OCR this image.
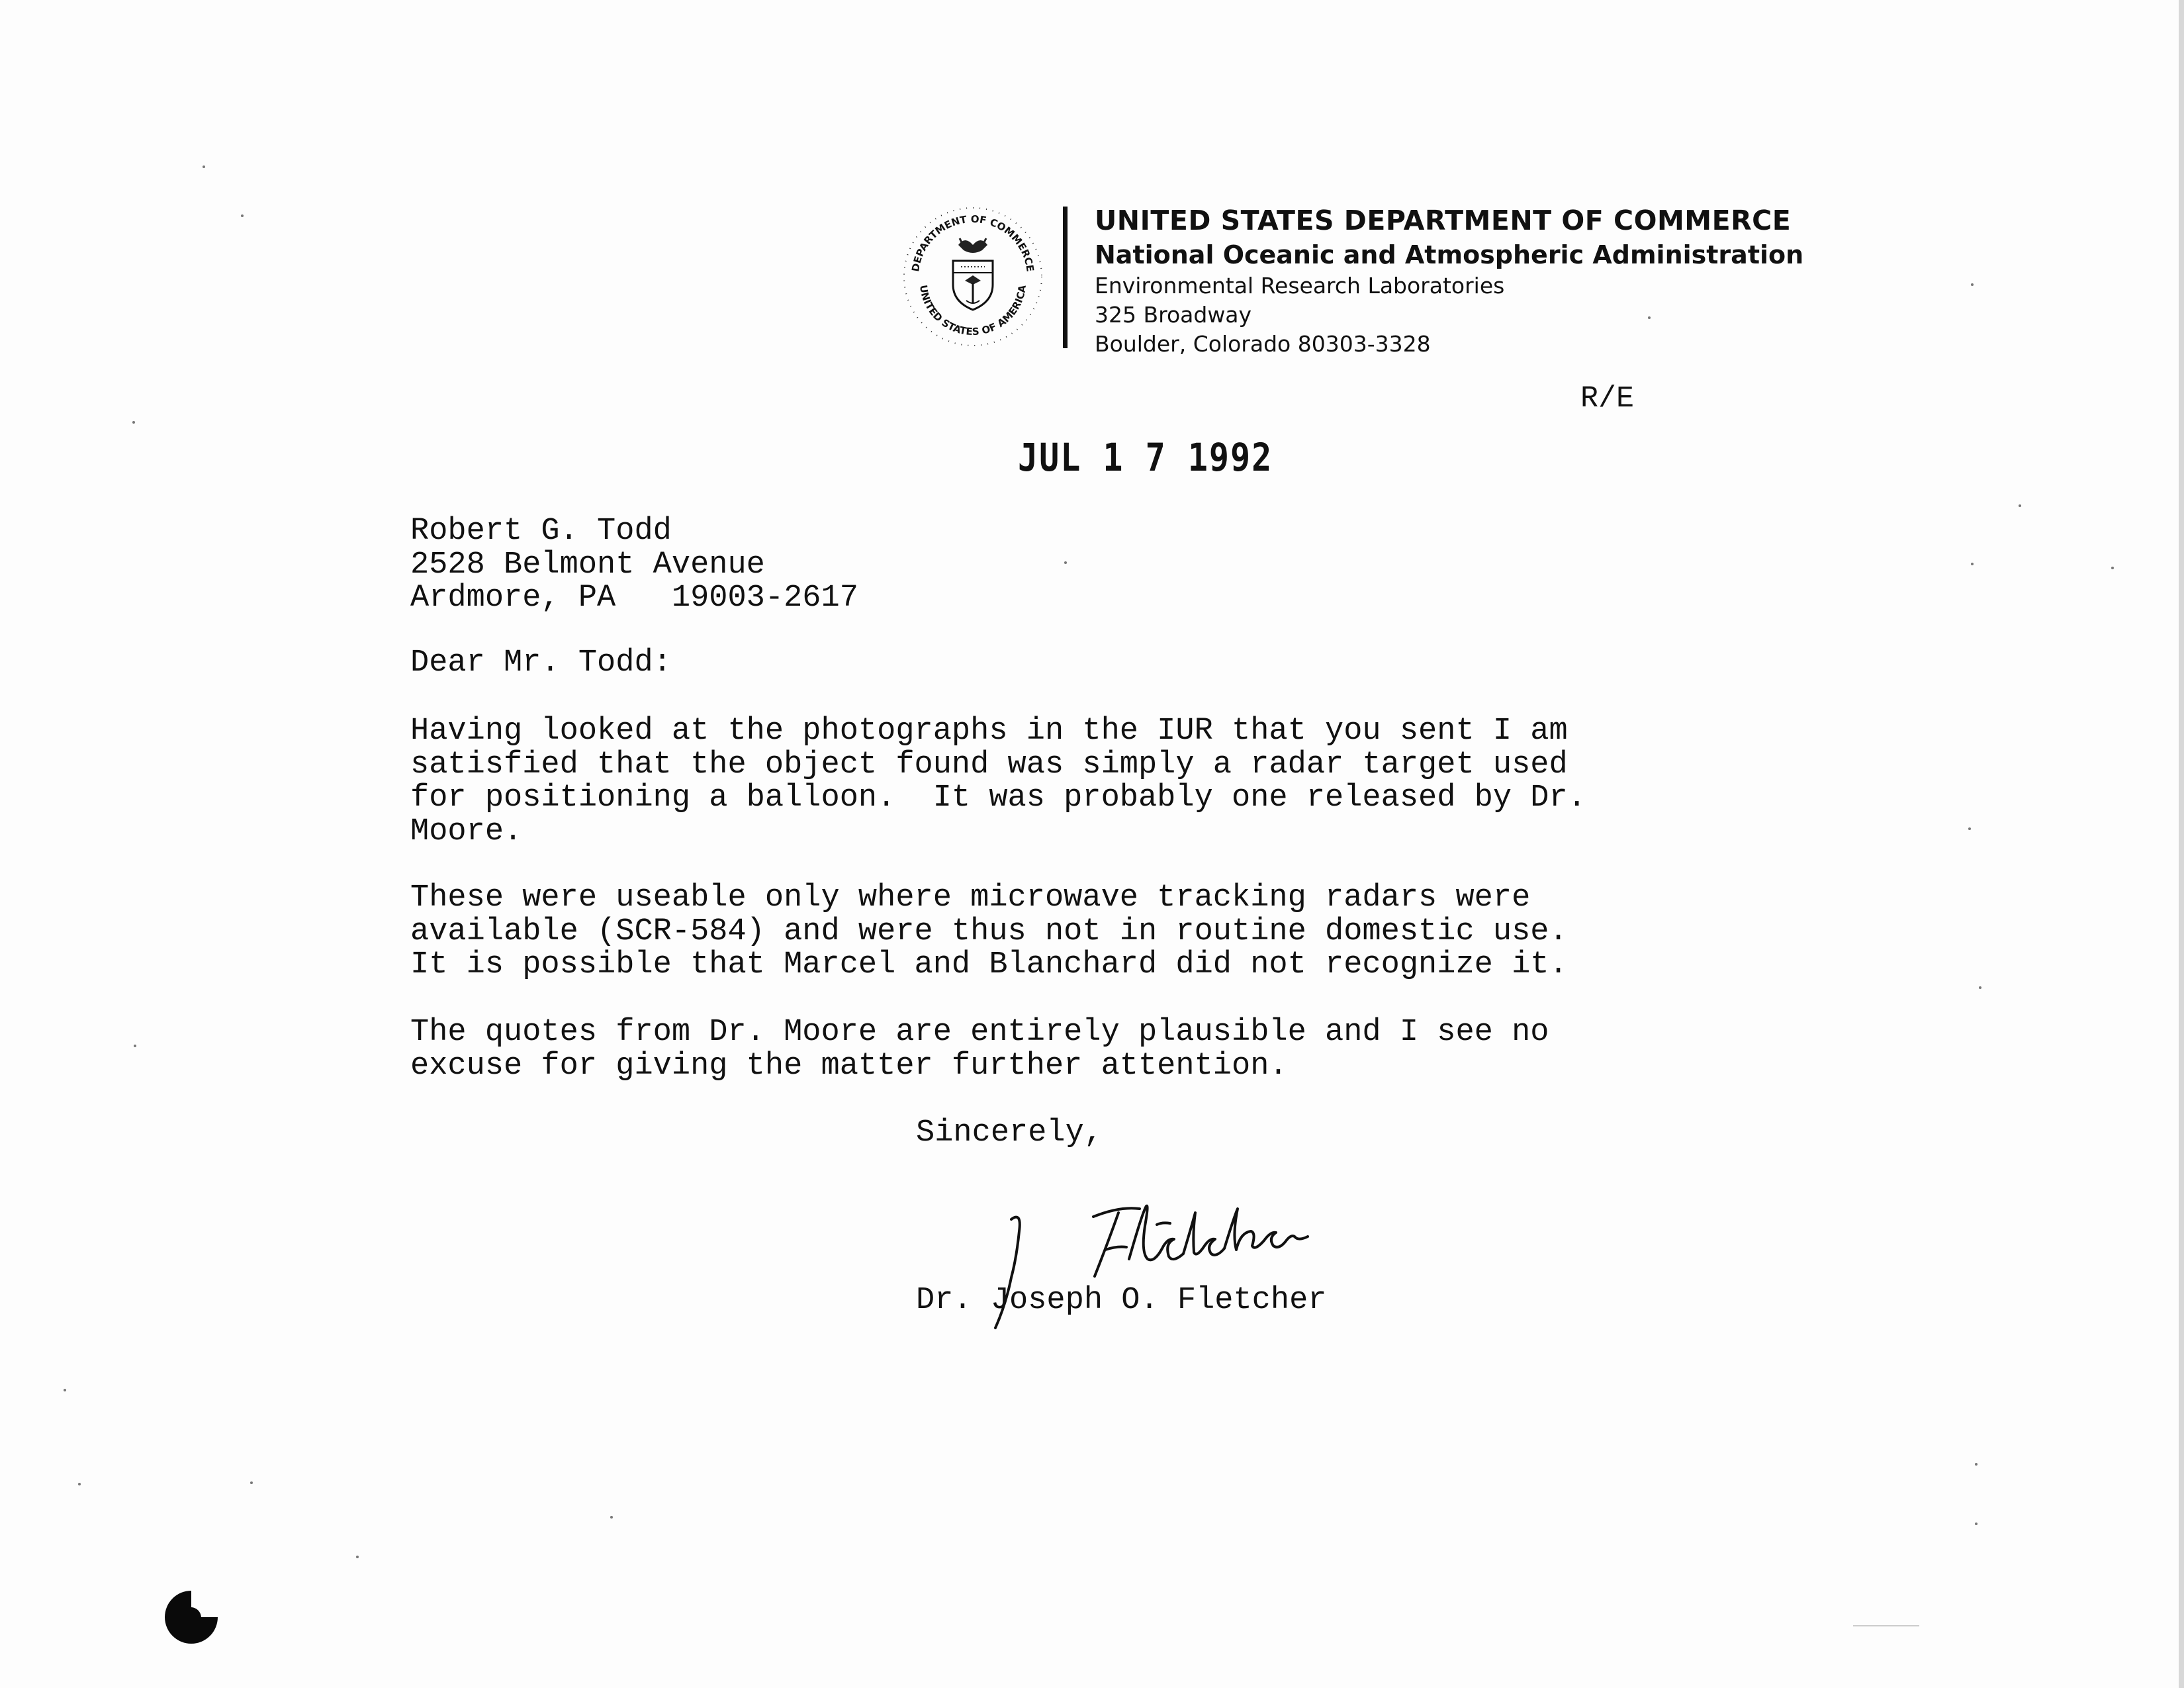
DEPARTMENT OF COMMERCE
UNITED STATES OF AMERICA
UNITED STATES DEPARTMENT OF COMMERCE
National Oceanic and Atmospheric Administration
Environmental Research Laboratories
325 Broadway
Boulder, Colorado 80303-3328
R/E
JUL 1 7 1992
Robert G. Todd
2528 Belmont Avenue
Ardmore, PA   19003-2617
Dear Mr. Todd:
Having looked at the photographs in the IUR that you sent I am
satisfied that the object found was simply a radar target used
for positioning a balloon.  It was probably one released by Dr.
Moore.
These were useable only where microwave tracking radars were
available (SCR-584) and were thus not in routine domestic use.
It is possible that Marcel and Blanchard did not recognize it.
The quotes from Dr. Moore are entirely plausible and I see no
excuse for giving the matter further attention.
Sincerely,
Dr. Joseph O. Fletcher
